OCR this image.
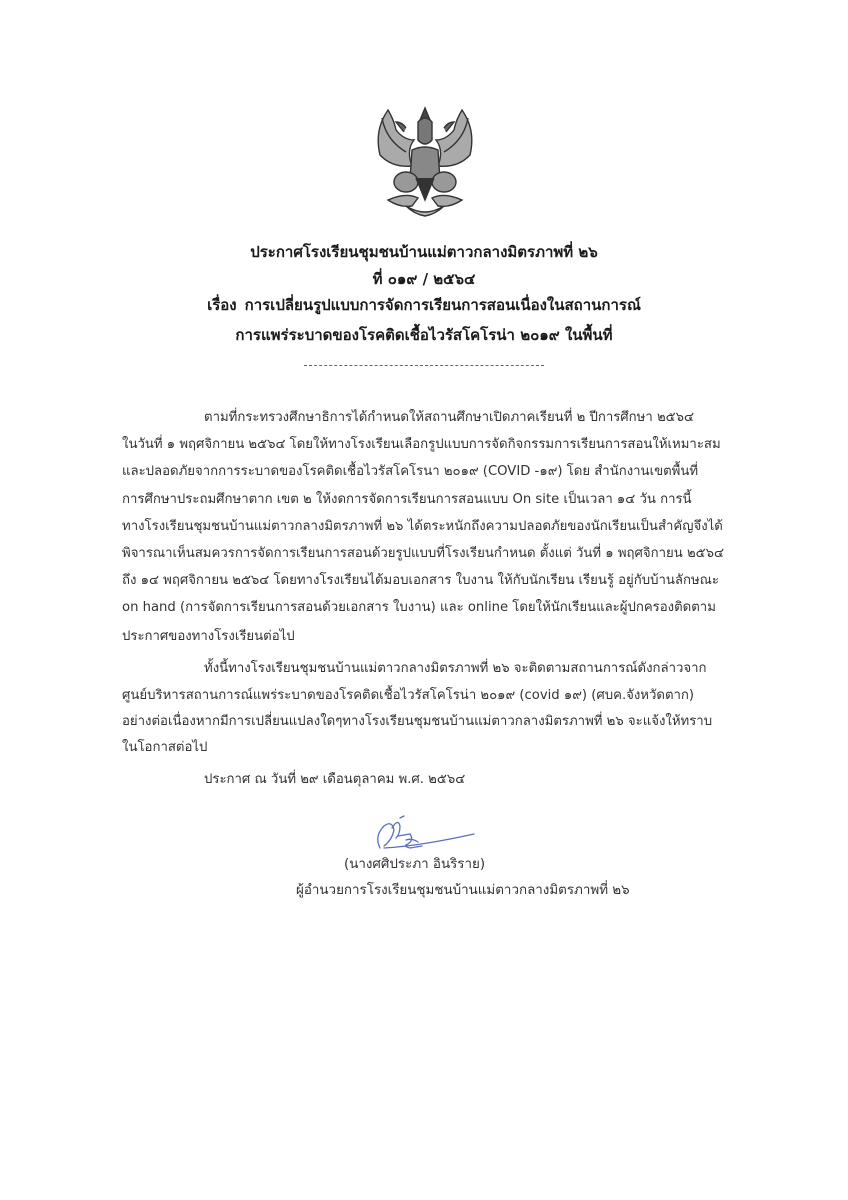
ประกาศโรงเรียนชุมชนบ้านแม่ตาวกลางมิตรภาพที่ ๒๖
ที่ ๐๑๙ / ๒๕๖๔
เรื่อง การเปลี่ยนรูปแบบการจัดการเรียนการสอนเนื่องในสถานการณ์
การแพร่ระบาดของโรคติดเชื้อไวรัสโคโรน่า ๒๐๑๙ ในพื้นที่
ตามที่กระทรวงศึกษาธิการได้กำหนดให้สถานศึกษาเปิดภาคเรียนที่ ๒ ปีการศึกษา ๒๕๖๔
ในวันที่ ๑ พฤศจิกายน ๒๕๖๔ โดยให้ทางโรงเรียนเลือกรูปแบบการจัดกิจกรรมการเรียนการสอนให้เหมาะสม
และปลอดภัยจากการระบาดของโรคติดเชื้อไวรัสโคโรนา ๒๐๑๙ (COVID -๑๙) โดย สำนักงานเขตพื้นที่
การศึกษาประถมศึกษาตาก เขต ๒ ให้งดการจัดการเรียนการสอนแบบ On site เป็นเวลา ๑๔ วัน การนี้
ทางโรงเรียนชุมชนบ้านแม่ตาวกลางมิตรภาพที่ ๒๖ ได้ตระหนักถึงความปลอดภัยของนักเรียนเป็นสำคัญจึงได้
พิจารณาเห็นสมควรการจัดการเรียนการสอนด้วยรูปแบบที่โรงเรียนกำหนด ตั้งแต่ วันที่ ๑ พฤศจิกายน ๒๕๖๔
ถึง ๑๔ พฤศจิกายน ๒๕๖๔ โดยทางโรงเรียนได้มอบเอกสาร ใบงาน ให้กับนักเรียน เรียนรู้ อยู่กับบ้านลักษณะ
on hand (การจัดการเรียนการสอนด้วยเอกสาร ใบงาน) และ online โดยให้นักเรียนและผู้ปกครองติดตาม
ประกาศของทางโรงเรียนต่อไป
ทั้งนี้ทางโรงเรียนชุมชนบ้านแม่ตาวกลางมิตรภาพที่ ๒๖ จะติดตามสถานการณ์ดังกล่าวจาก
ศูนย์บริหารสถานการณ์แพร่ระบาดของโรคติดเชื้อไวรัสโคโรน่า ๒๐๑๙ (covid ๑๙) (ศบค.จังหวัดตาก)
อย่างต่อเนื่องหากมีการเปลี่ยนแปลงใดๆทางโรงเรียนชุมชนบ้านแม่ตาวกลางมิตรภาพที่ ๒๖ จะแจ้งให้ทราบ
ในโอกาสต่อไป
ประกาศ ณ วันที่ ๒๙ เดือนตุลาคม พ.ศ. ๒๕๖๔
(นางศศิประภา อินริราย)
ผู้อำนวยการโรงเรียนชุมชนบ้านแม่ตาวกลางมิตรภาพที่ ๒๖
